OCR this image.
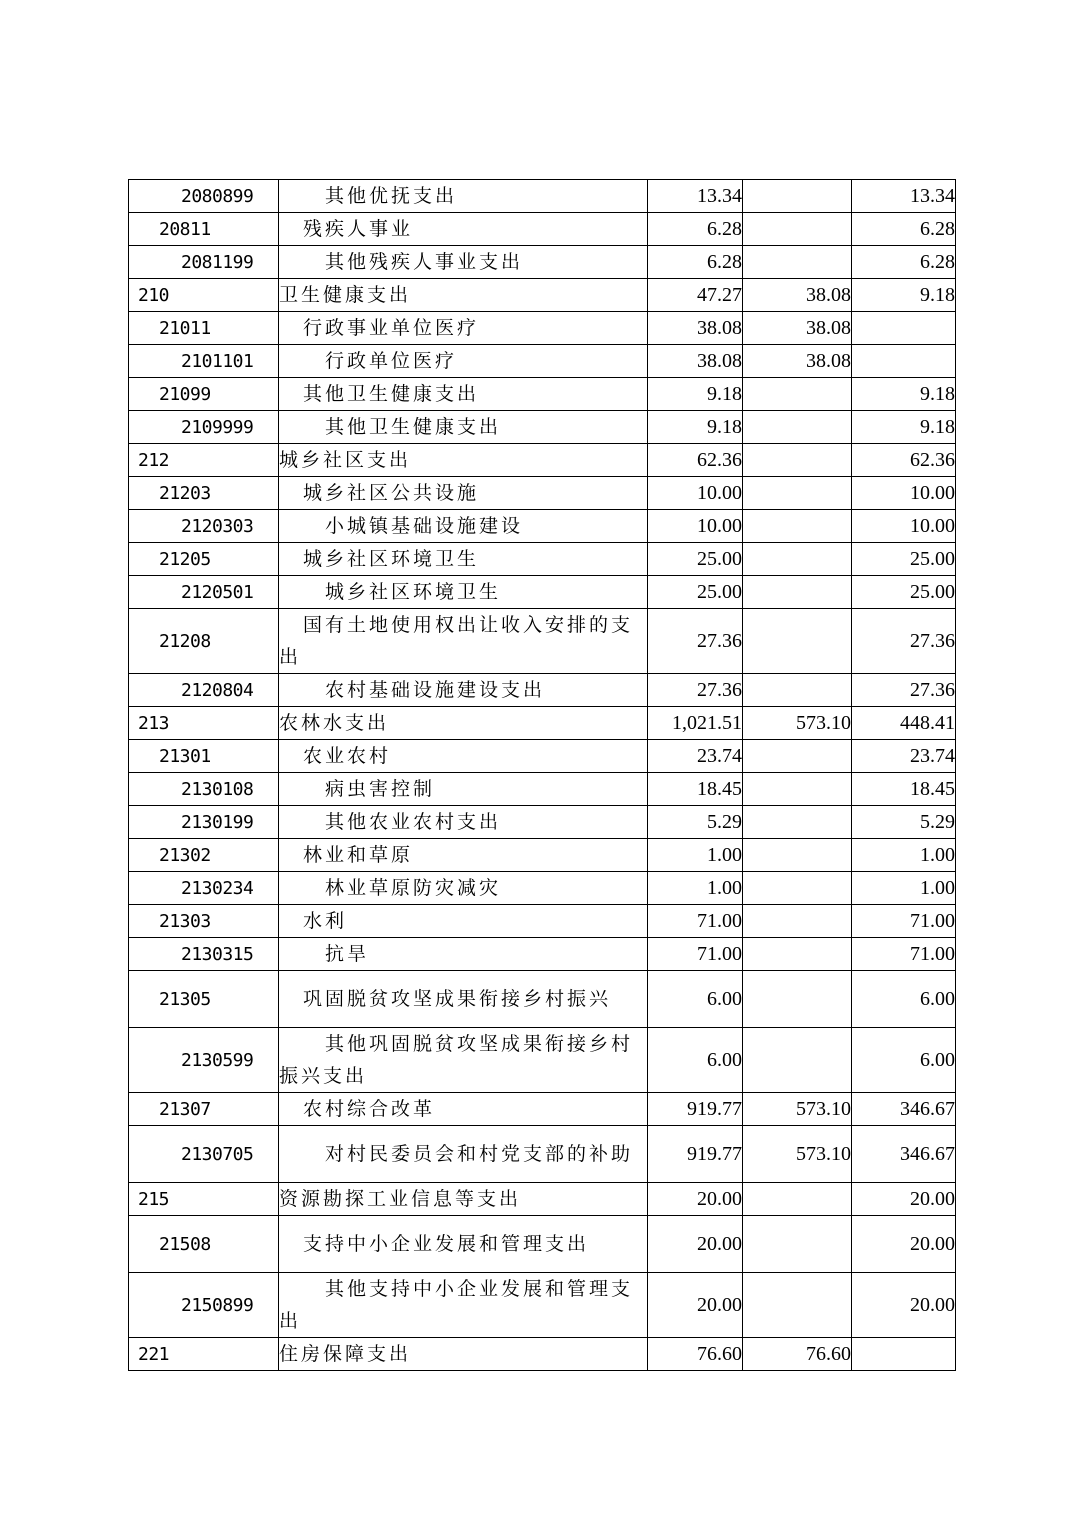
2080899	其他优抚支出	13.34		13.34
20811	残疾人事业	6.28		6.28
2081199	其他残疾人事业支出	6.28		6.28
210	卫生健康支出	47.27	38.08	9.18
21011	行政事业单位医疗	38.08	38.08	
2101101	行政单位医疗	38.08	38.08	
21099	其他卫生健康支出	9.18		9.18
2109999	其他卫生健康支出	9.18		9.18
212	城乡社区支出	62.36		62.36
21203	城乡社区公共设施	10.00		10.00
2120303	小城镇基础设施建设	10.00		10.00
21205	城乡社区环境卫生	25.00		25.00
2120501	城乡社区环境卫生	25.00		25.00
21208	国有土地使用权出让收入安排的支
出	27.36		27.36
2120804	农村基础设施建设支出	27.36		27.36
213	农林水支出	1,021.51	573.10	448.41
21301	农业农村	23.74		23.74
2130108	病虫害控制	18.45		18.45
2130199	其他农业农村支出	5.29		5.29
21302	林业和草原	1.00		1.00
2130234	林业草原防灾减灾	1.00		1.00
21303	水利	71.00		71.00
2130315	抗旱	71.00		71.00
21305	巩固脱贫攻坚成果衔接乡村振兴	6.00		6.00
2130599	其他巩固脱贫攻坚成果衔接乡村
振兴支出	6.00		6.00
21307	农村综合改革	919.77	573.10	346.67
2130705	对村民委员会和村党支部的补助	919.77	573.10	346.67
215	资源勘探工业信息等支出	20.00		20.00
21508	支持中小企业发展和管理支出	20.00		20.00
2150899	其他支持中小企业发展和管理支
出	20.00		20.00
221	住房保障支出	76.60	76.60	
